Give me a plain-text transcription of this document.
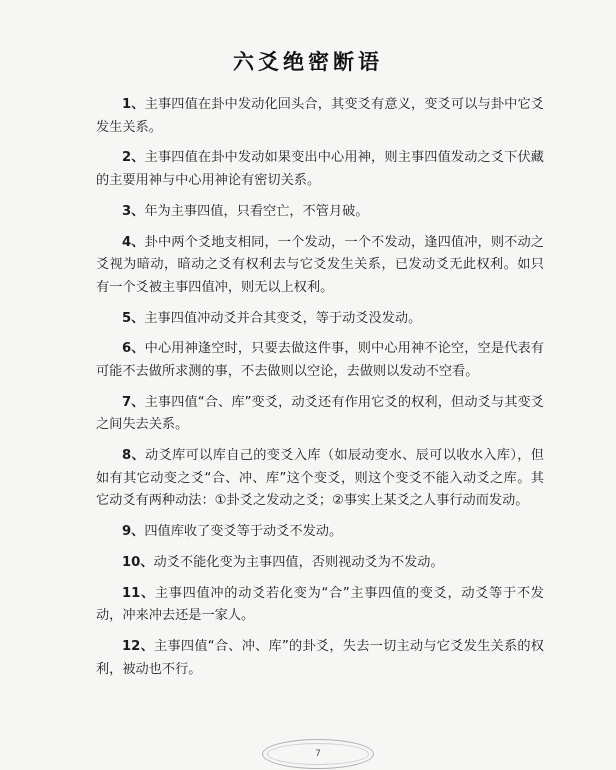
六爻绝密断语

1、主事四值在卦中发动化回头合，其变爻有意义，变爻可以与卦中它爻发生关系。

2、主事四值在卦中发动如果变出中心用神，则主事四值发动之爻下伏藏的主要用神与中心用神论有密切关系。

3、年为主事四值，只看空亡，不管月破。

4、卦中两个爻地支相同，一个发动，一个不发动，逢四值冲，则不动之爻视为暗动，暗动之爻有权利去与它爻发生关系，已发动爻无此权利。如只有一个爻被主事四值冲，则无以上权利。

5、主事四值冲动爻并合其变爻，等于动爻没发动。

6、中心用神逢空时，只要去做这件事，则中心用神不论空，空是代表有可能不去做所求测的事，不去做则以空论，去做则以发动不空看。

7、主事四值“合、库”变爻，动爻还有作用它爻的权利，但动爻与其变爻之间失去关系。

8、动爻库可以库自己的变爻入库（如辰动变水、辰可以收水入库），但如有其它动变之爻“合、冲、库”这个变爻，则这个变爻不能入动爻之库。其它动爻有两种动法：①卦爻之发动之爻；②事实上某爻之人事行动而发动。

9、四值库收了变爻等于动爻不发动。

10、动爻不能化变为主事四值，否则视动爻为不发动。

11、主事四值冲的动爻若化变为“合”主事四值的变爻，动爻等于不发动，冲来冲去还是一家人。

12、主事四值“合、冲、库”的卦爻，失去一切主动与它爻发生关系的权利，被动也不行。

7
